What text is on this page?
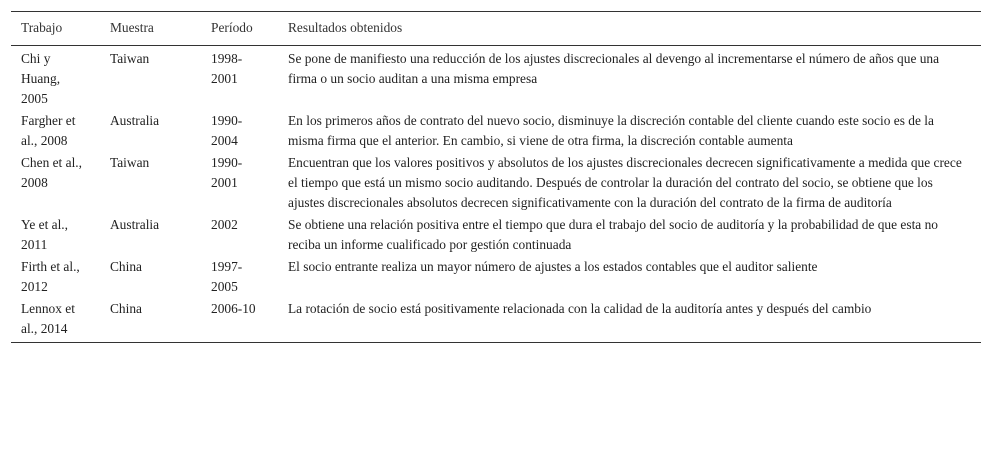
Trabajo	Muestra	Período	Resultados obtenidos
Chi y Huang, 2005	Taiwan	1998-2001	Se pone de manifiesto una reducción de los ajustes discrecionales al devengo al incrementarse el número de años que una firma o un socio auditan a una misma empresa
Fargher et al., 2008	Australia	1990-2004	En los primeros años de contrato del nuevo socio, disminuye la discreción contable del cliente cuando este socio es de la misma firma que el anterior. En cambio, si viene de otra firma, la discreción contable aumenta
Chen et al., 2008	Taiwan	1990-2001	Encuentran que los valores positivos y absolutos de los ajustes discrecionales decrecen significativamente a medida que crece el tiempo que está un mismo socio auditando. Después de controlar la duración del contrato del socio, se obtiene que los ajustes discrecionales absolutos decrecen significativamente con la duración del contrato de la firma de auditoría
Ye et al., 2011	Australia	2002	Se obtiene una relación positiva entre el tiempo que dura el trabajo del socio de auditoría y la probabilidad de que esta no reciba un informe cualificado por gestión continuada
Firth et al., 2012	China	1997-2005	El socio entrante realiza un mayor número de ajustes a los estados contables que el auditor saliente
Lennox et al., 2014	China	2006-10	La rotación de socio está positivamente relacionada con la calidad de la auditoría antes y después del cambio
